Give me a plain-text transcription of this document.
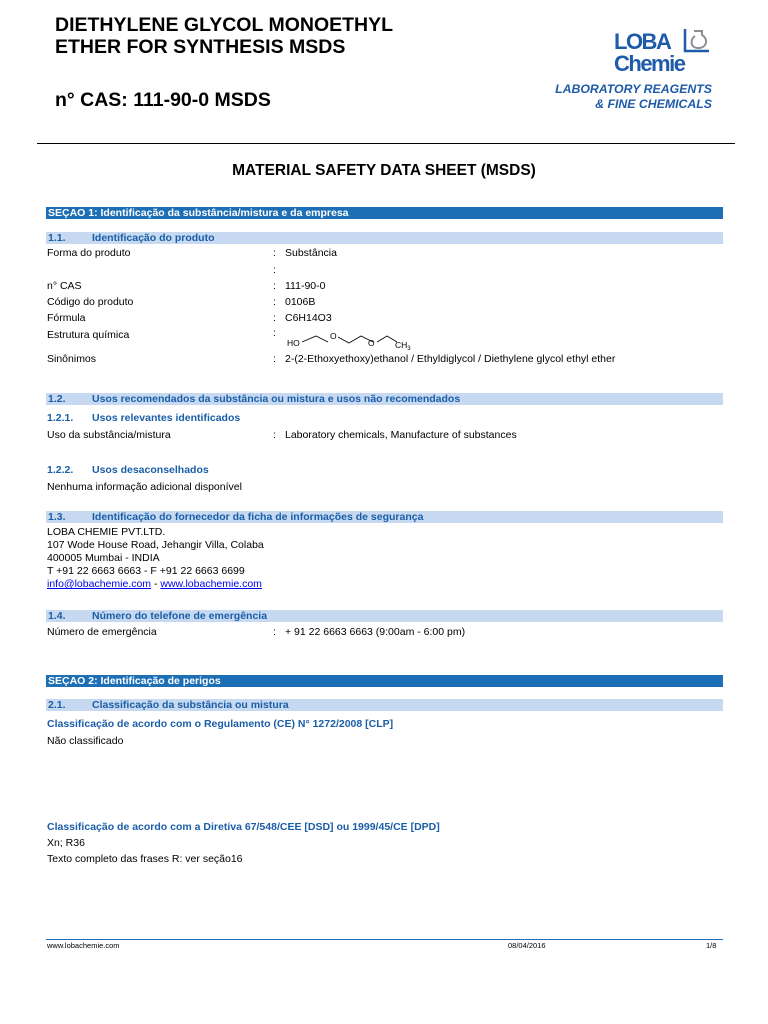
DIETHYLENE GLYCOL MONOETHYL
ETHER FOR SYNTHESIS MSDS
n° CAS: 111-90-0 MSDS
LOBA
Chemie
LABORATORY REAGENTS
& FINE CHEMICALS
MATERIAL SAFETY DATA SHEET (MSDS)
SEÇAO 1: Identificação da substância/mistura e da empresa
1.1.	Identificação do produto
Forma do produto	: Substância
:
n° CAS	: 111-90-0
Código do produto	: 0106B
Fórmula	: C6H14O3
Estrutura química	:
HO
O
O $CH_3$
Sinônimos	: 2-(2-Ethoxyethoxy)ethanol / Ethyldiglycol / Diethylene glycol ethyl ether
1.2.	Usos recomendados da substância ou mistura e usos não recomendados
1.2.1. Usos relevantes identificados
Uso da substância/mistura	: Laboratory chemicals, Manufacture of substances
1.2.2. Usos desaconselhados
Nenhuma informação adicional disponível
1.3.	Identificação do fornecedor da ficha de informações de segurança
LOBA CHEMIE PVT.LTD.
107 Wode House Road, Jehangir Villa, Colaba
400005 Mumbai - INDIA
T +91 22 6663 6663 - F +91 22 6663 6699
info@lobachemie.com - www.lobachemie.com
1.4.	Número do telefone de emergência
Número de emergência	: + 91 22 6663 6663 (9:00am - 6:00 pm)
SEÇAO 2: Identificação de perigos
2.1.	Classificação da substância ou mistura
Classificação de acordo com o Regulamento (CE) N° 1272/2008 [CLP]
Não classificado
Classificação de acordo com a Diretiva 67/548/CEE [DSD] ou 1999/45/CE [DPD]
Xn; R36
Texto completo das frases R: ver seção16
www.lobachemie.com	08/04/2016	1/8
